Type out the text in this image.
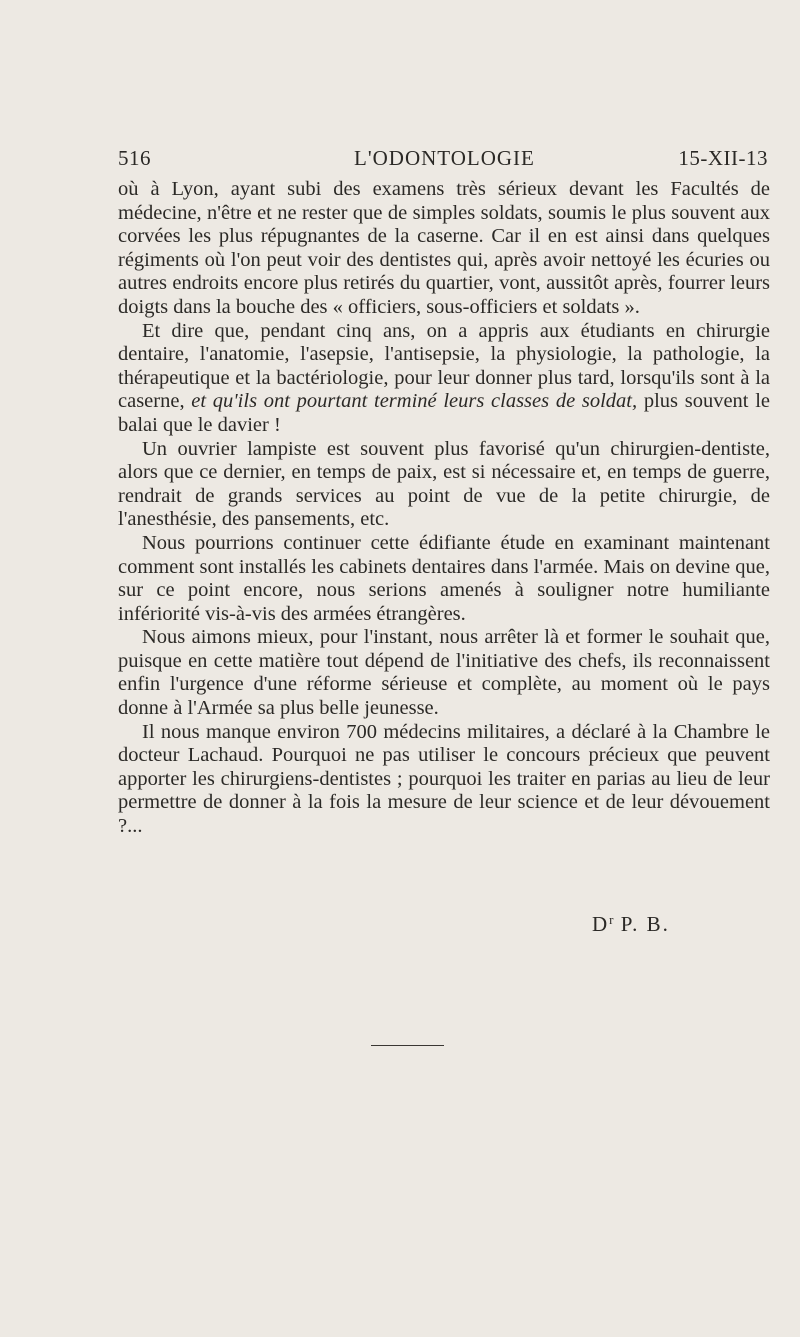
516	L'ODONTOLOGIE	15-XII-13

où à Lyon, ayant subi des examens très sérieux devant les Facultés de médecine, n'être et ne rester que de simples soldats, soumis le plus souvent aux corvées les plus répugnantes de la caserne. Car il en est ainsi dans quelques régiments où l'on peut voir des dentistes qui, après avoir nettoyé les écuries ou autres endroits encore plus retirés du quartier, vont, aussitôt après, fourrer leurs doigts dans la bouche des « officiers, sous-officiers et soldats ».

Et dire que, pendant cinq ans, on a appris aux étudiants en chirurgie dentaire, l'anatomie, l'asepsie, l'antisepsie, la physiologie, la pathologie, la thérapeutique et la bactériologie, pour leur donner plus tard, lorsqu'ils sont à la caserne, et qu'ils ont pourtant terminé leurs classes de soldat, plus souvent le balai que le davier !

Un ouvrier lampiste est souvent plus favorisé qu'un chirurgien-dentiste, alors que ce dernier, en temps de paix, est si nécessaire et, en temps de guerre, rendrait de grands services au point de vue de la petite chirurgie, de l'anesthésie, des pansements, etc.

Nous pourrions continuer cette édifiante étude en examinant maintenant comment sont installés les cabinets dentaires dans l'armée. Mais on devine que, sur ce point encore, nous serions amenés à souligner notre humiliante infériorité vis-à-vis des armées étrangères.

Nous aimons mieux, pour l'instant, nous arrêter là et former le souhait que, puisque en cette matière tout dépend de l'initiative des chefs, ils reconnaissent enfin l'urgence d'une réforme sérieuse et complète, au moment où le pays donne à l'Armée sa plus belle jeunesse.

Il nous manque environ 700 médecins militaires, a déclaré à la Chambre le docteur Lachaud. Pourquoi ne pas utiliser le concours précieux que peuvent apporter les chirurgiens-dentistes ; pourquoi les traiter en parias au lieu de leur permettre de donner à la fois la mesure de leur science et de leur dévouement ?...

$D^r$ P. B.
